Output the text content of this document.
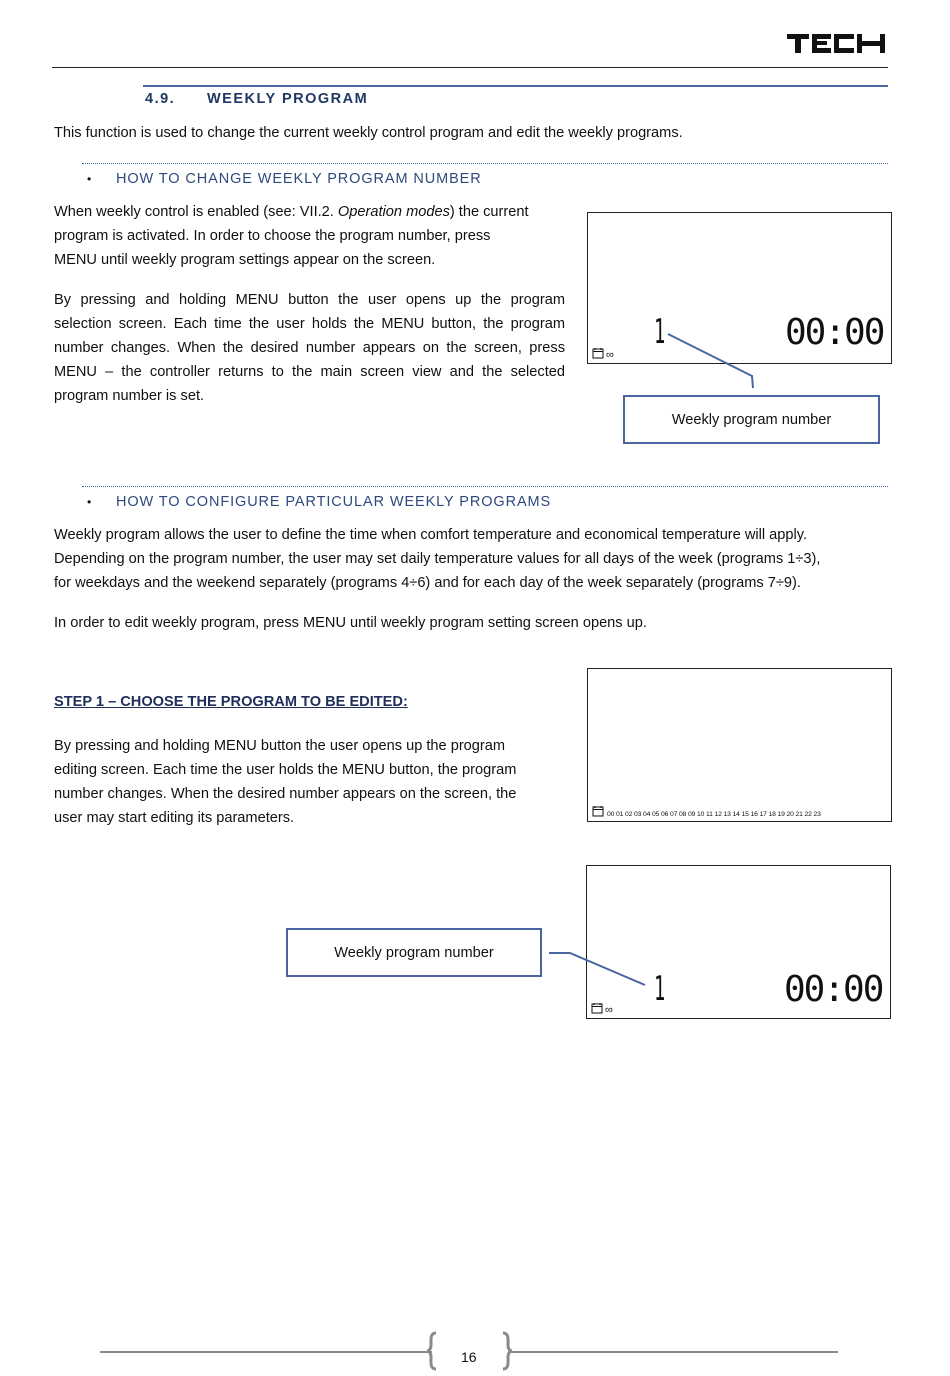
4.9. WEEKLY PROGRAM
This function is used to change the current weekly control program and edit the weekly programs.
• HOW TO CHANGE WEEKLY PROGRAM NUMBER
When weekly control is enabled (see: VII.2. Operation modes) the current
program is activated. In order to choose the program number, press
MENU until weekly program settings appear on the screen.
By pressing and holding MENU button the user opens up the program selection screen. Each time the user holds the MENU button, the program number changes. When the desired number appears on the screen, press MENU – the controller returns to the main screen view and the selected program number is set.
1	00:00
∞
Weekly program number
• HOW TO CONFIGURE PARTICULAR WEEKLY PROGRAMS
Weekly program allows the user to define the time when comfort temperature and economical temperature will apply.
Depending on the program number, the user may set daily temperature values for all days of the week (programs 1÷3),
for weekdays and the weekend separately (programs 4÷6) and for each day of the week separately (programs 7÷9).
In order to edit weekly program, press MENU until weekly program setting screen opens up.
STEP 1 – CHOOSE THE PROGRAM TO BE EDITED:
By pressing and holding MENU button the user opens up the program
editing screen. Each time the user holds the MENU button, the program
number changes. When the desired number appears on the screen, the
user may start editing its parameters.	00 01 02 03 04 05 06 07 08 09 10 11 12 13 14 15 16 17 18 19 20 21 22 23
1	00:00
∞
Weekly program number
16
